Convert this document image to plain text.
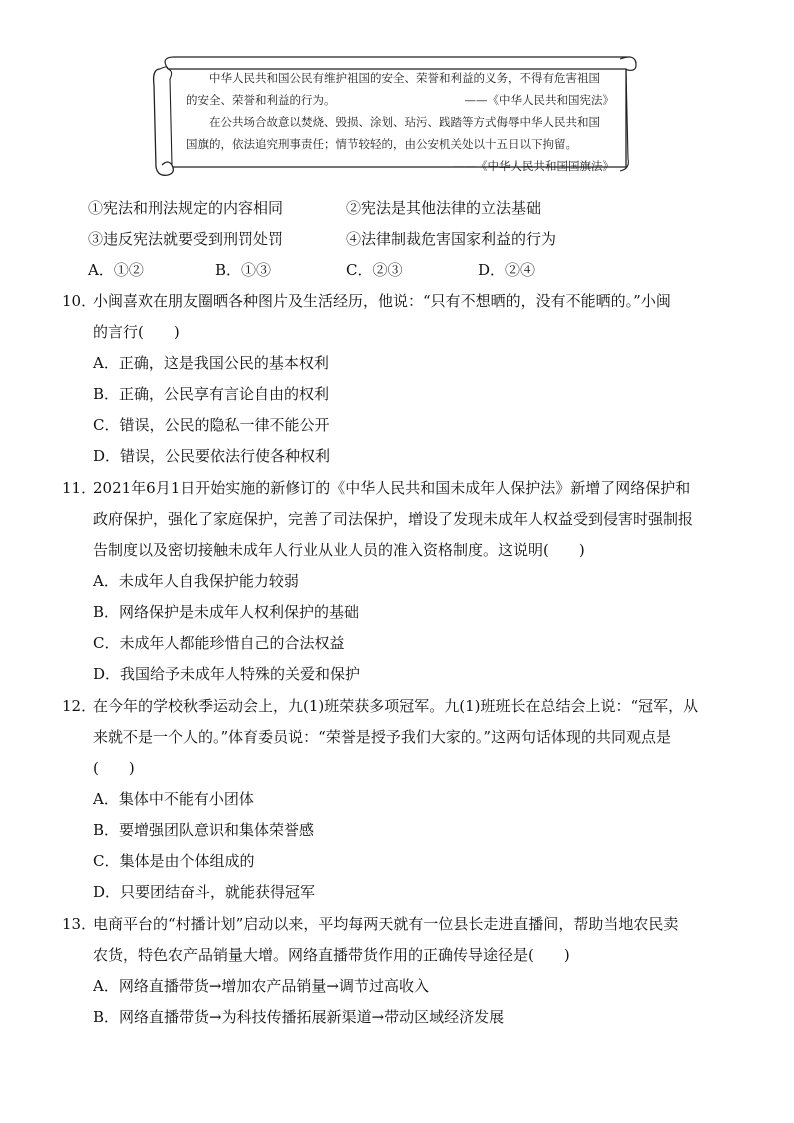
中华人民共和国公民有维护祖国的安全、荣誉和利益的义务，不得有危害祖国
的安全、荣誉和利益的行为。	——《中华人民共和国宪法》
在公共场合故意以焚烧、毁损、涂划、玷污、践踏等方式侮辱中华人民共和国
国旗的，依法追究刑事责任；情节较轻的，由公安机关处以十五日以下拘留。
——《中华人民共和国国旗法》
①宪法和刑法规定的内容相同	②宪法是其他法律的立法基础
③违反宪法就要受到刑罚处罚	④法律制裁危害国家利益的行为
A．①②	B．①③	C．②③	D．②④
10．
小闽喜欢在朋友圈晒各种图片及生活经历，他说：“只有不想晒的，没有不能晒的。”小闽
的言行(　　)
A．正确，这是我国公民的基本权利
B．正确，公民享有言论自由的权利
C．错误，公民的隐私一律不能公开
D．错误，公民要依法行使各种权利
11．
2021年6月1日开始实施的新修订的《中华人民共和国未成年人保护法》新增了网络保护和
政府保护，强化了家庭保护，完善了司法保护，增设了发现未成年人权益受到侵害时强制报
告制度以及密切接触未成年人行业从业人员的准入资格制度。这说明(　　)
A．未成年人自我保护能力较弱
B．网络保护是未成年人权利保护的基础
C．未成年人都能珍惜自己的合法权益
D．我国给予未成年人特殊的关爱和保护
12．
在今年的学校秋季运动会上，九(1)班荣获多项冠军。九(1)班班长在总结会上说：“冠军，从
来就不是一个人的。”体育委员说：“荣誉是授予我们大家的。”这两句话体现的共同观点是
(　　)
A．集体中不能有小团体
B．要增强团队意识和集体荣誉感
C．集体是由个体组成的
D．只要团结奋斗，就能获得冠军
13．
电商平台的“村播计划”启动以来，平均每两天就有一位县长走进直播间，帮助当地农民卖
农货，特色农产品销量大增。网络直播带货作用的正确传导途径是(　　)
A．网络直播带货→增加农产品销量→调节过高收入
B．网络直播带货→为科技传播拓展新渠道→带动区域经济发展
